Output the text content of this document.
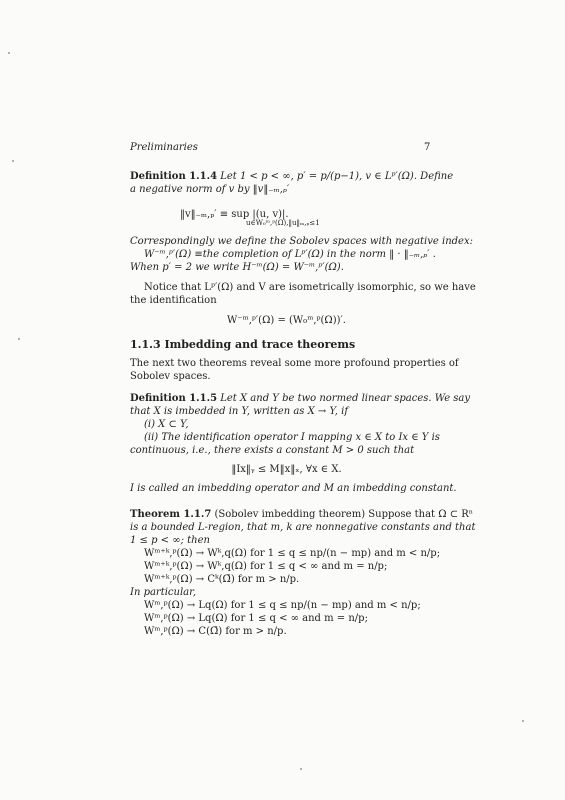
Preliminaries	7
Definition 1.1.4 Let 1 < p < ∞, p′ = p/(p−1), v ∈ Lᵖ′(Ω). Define
a negative norm of v by ‖v‖₋ₘ,ₚ′
‖v‖₋ₘ,ₚ′ ≡ sup |(u, v)|.
u∈W₀ᵐ,ᵖ(Ω),‖u‖ₘ,ₚ≤1
Correspondingly we define the Sobolev spaces with negative index:
W⁻ᵐ,ᵖ′(Ω) ≡the completion of Lᵖ′(Ω) in the norm ‖ · ‖₋ₘ,ₚ′ .
When p′ = 2 we write H⁻ᵐ(Ω) = W⁻ᵐ,ᵖ′(Ω).
Notice that Lᵖ′(Ω) and V are isometrically isomorphic, so we have
the identification
W⁻ᵐ,ᵖ′(Ω) = (W₀ᵐ,ᵖ(Ω))′.
1.1.3 Imbedding and trace theorems
The next two theorems reveal some more profound properties of
Sobolev spaces.
Definition 1.1.5 Let X and Y be two normed linear spaces. We say
that X is imbedded in Y, written as X → Y, if
(i) X ⊂ Y,
(ii) The identification operator I mapping x ∈ X to Ix ∈ Y is
continuous, i.e., there exists a constant M > 0 such that
‖Ix‖ᵧ ≤ M‖x‖ₓ, ∀x ∈ X.
I is called an imbedding operator and M an imbedding constant.
Theorem 1.1.7 (Sobolev imbedding theorem) Suppose that Ω ⊂ Rⁿ
is a bounded L-region, that m, k are nonnegative constants and that
1 ≤ p < ∞; then
Wᵐ⁺ᵏ,ᵖ(Ω) → Wᵏ,q(Ω) for 1 ≤ q ≤ np/(n − mp) and m < n/p;
Wᵐ⁺ᵏ,ᵖ(Ω) → Wᵏ,q(Ω) for 1 ≤ q < ∞ and m = n/p;
Wᵐ⁺ᵏ,ᵖ(Ω) → Cᵏ(Ω̄) for m > n/p.
In particular,
Wᵐ,ᵖ(Ω) → Lq(Ω) for 1 ≤ q ≤ np/(n − mp) and m < n/p;
Wᵐ,ᵖ(Ω) → Lq(Ω) for 1 ≤ q < ∞ and m = n/p;
Wᵐ,ᵖ(Ω) → C(Ω̄) for m > n/p.
